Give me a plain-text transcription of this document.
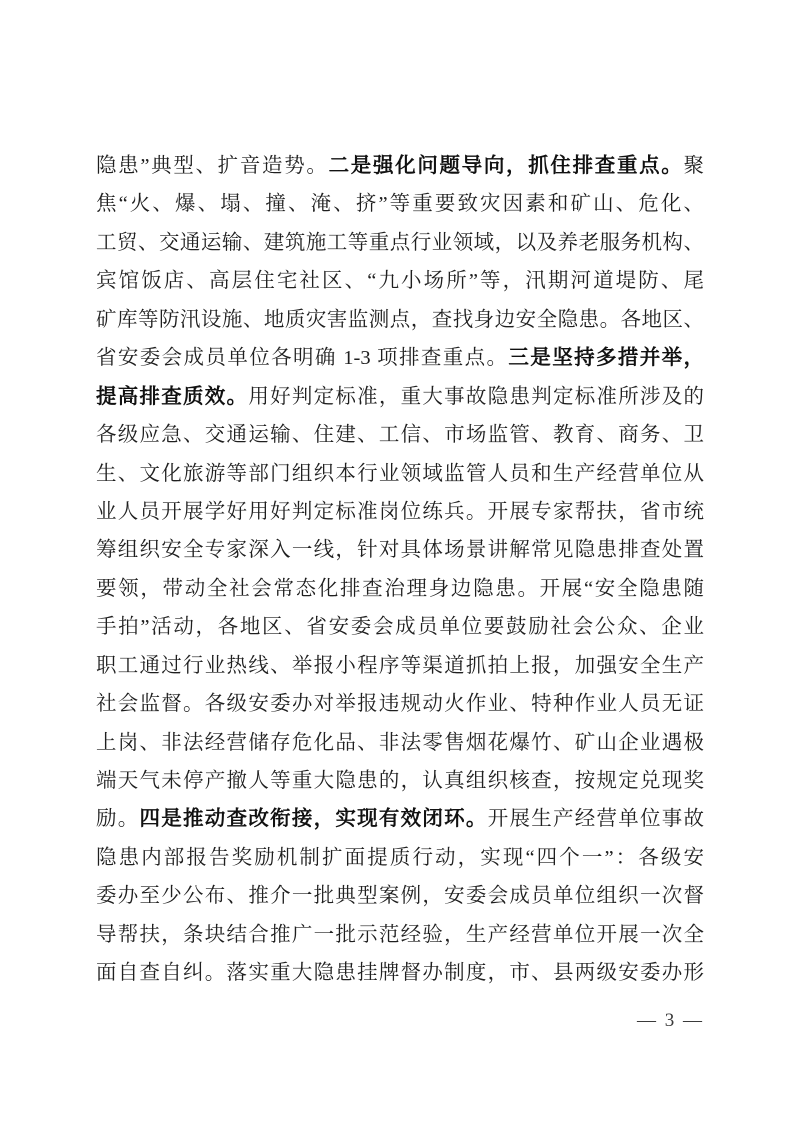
隐患”典型、扩音造势。二是强化问题导向，抓住排查重点。聚
焦“火、爆、塌、撞、淹、挤”等重要致灾因素和矿山、危化、
工贸、交通运输、建筑施工等重点行业领域，以及养老服务机构、
宾馆饭店、高层住宅社区、“九小场所”等，汛期河道堤防、尾
矿库等防汛设施、地质灾害监测点，查找身边安全隐患。各地区、
省安委会成员单位各明确 1-3 项排查重点。三是坚持多措并举，
提高排查质效。用好判定标准，重大事故隐患判定标准所涉及的
各级应急、交通运输、住建、工信、市场监管、教育、商务、卫
生、文化旅游等部门组织本行业领域监管人员和生产经营单位从
业人员开展学好用好判定标准岗位练兵。开展专家帮扶，省市统
筹组织安全专家深入一线，针对具体场景讲解常见隐患排查处置
要领，带动全社会常态化排查治理身边隐患。开展“安全隐患随
手拍”活动，各地区、省安委会成员单位要鼓励社会公众、企业
职工通过行业热线、举报小程序等渠道抓拍上报，加强安全生产
社会监督。各级安委办对举报违规动火作业、特种作业人员无证
上岗、非法经营储存危化品、非法零售烟花爆竹、矿山企业遇极
端天气未停产撤人等重大隐患的，认真组织核查，按规定兑现奖
励。四是推动查改衔接，实现有效闭环。开展生产经营单位事故
隐患内部报告奖励机制扩面提质行动，实现“四个一”：各级安
委办至少公布、推介一批典型案例，安委会成员单位组织一次督
导帮扶，条块结合推广一批示范经验，生产经营单位开展一次全
面自查自纠。落实重大隐患挂牌督办制度，市、县两级安委办形
— 3 —
